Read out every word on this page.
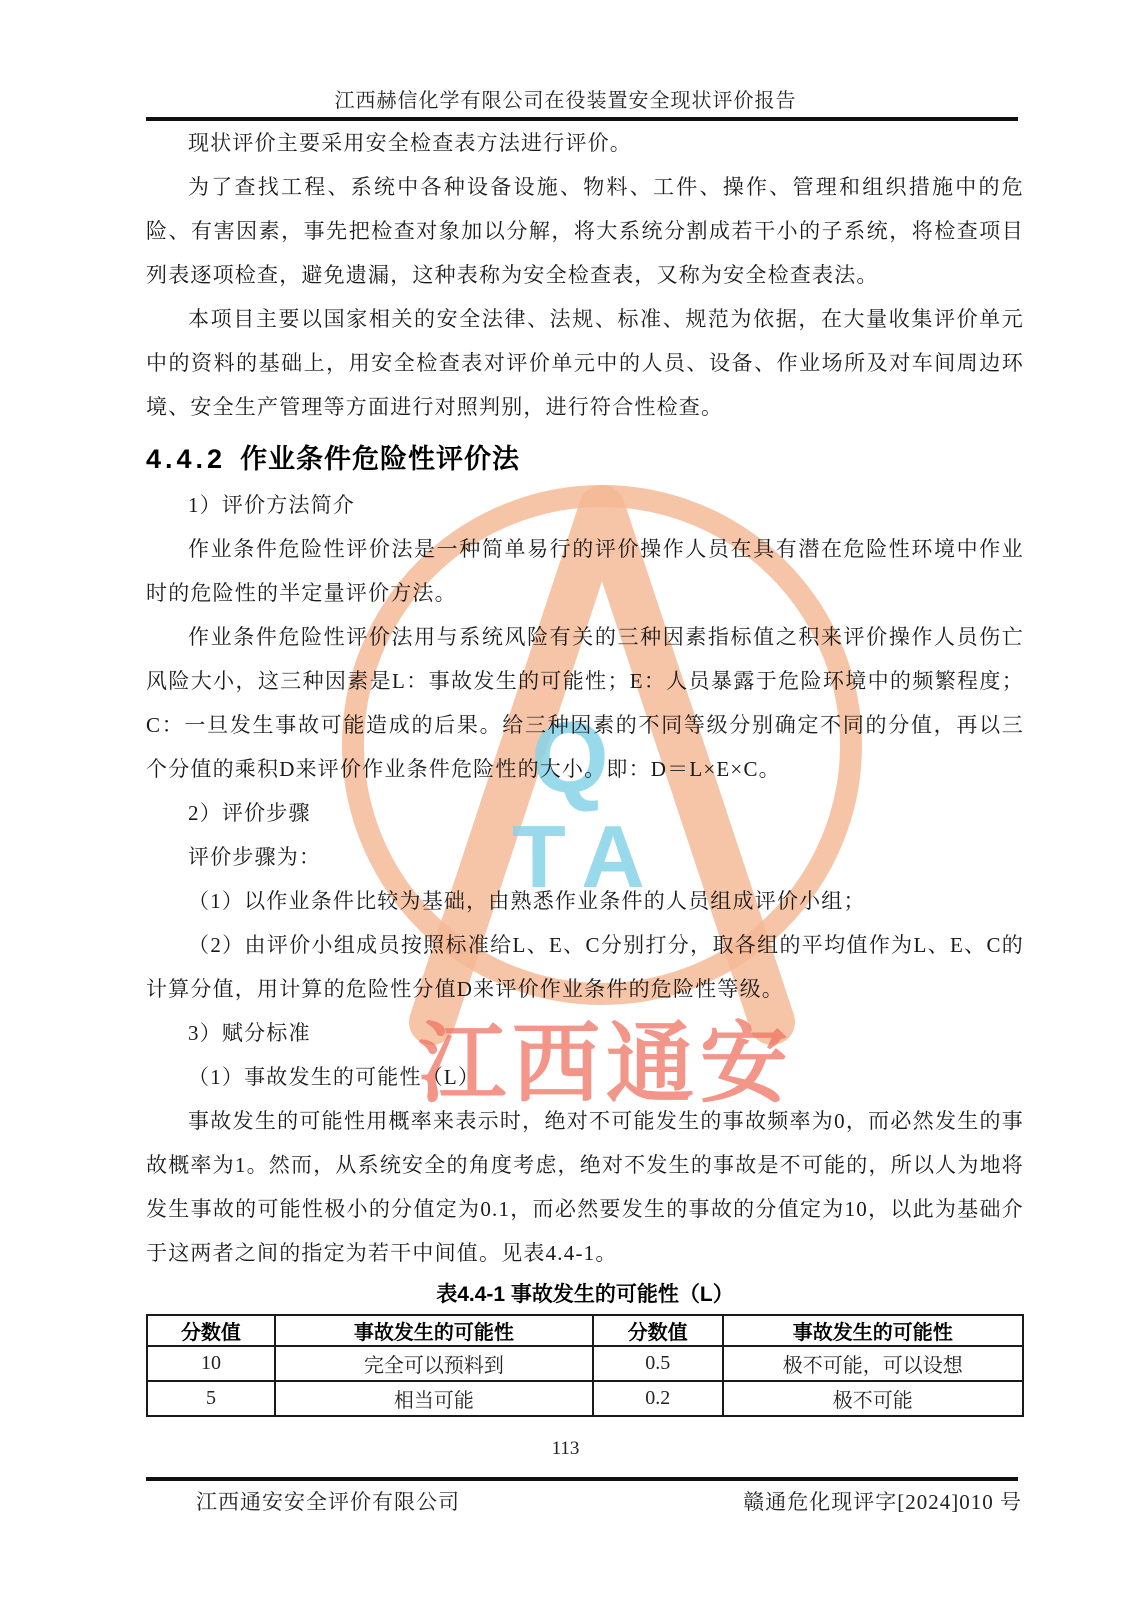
江西赫信化学有限公司在役装置安全现状评价报告
Q
TA
江西通安

现状评价主要采用安全检查表方法进行评价。

为了查找工程、系统中各种设备设施、物料、工件、操作、管理和组织措施中的危险、有害因素，事先把检查对象加以分解，将大系统分割成若干小的子系统，将检查项目列表逐项检查，避免遗漏，这种表称为安全检查表，又称为安全检查表法。

本项目主要以国家相关的安全法律、法规、标准、规范为依据，在大量收集评价单元中的资料的基础上，用安全检查表对评价单元中的人员、设备、作业场所及对车间周边环境、安全生产管理等方面进行对照判别，进行符合性检查。

4.4.2 作业条件危险性评价法

1）评价方法简介

作业条件危险性评价法是一种简单易行的评价操作人员在具有潜在危险性环境中作业时的危险性的半定量评价方法。

作业条件危险性评价法用与系统风险有关的三种因素指标值之积来评价操作人员伤亡风险大小，这三种因素是L：事故发生的可能性；E：人员暴露于危险环境中的频繁程度；C：一旦发生事故可能造成的后果。给三种因素的不同等级分别确定不同的分值，再以三个分值的乘积D来评价作业条件危险性的大小。即：D＝L×E×C。

2）评价步骤

评价步骤为：

（1）以作业条件比较为基础，由熟悉作业条件的人员组成评价小组；

（2）由评价小组成员按照标准给L、E、C分别打分，取各组的平均值作为L、E、C的计算分值，用计算的危险性分值D来评价作业条件的危险性等级。

3）赋分标准

（1）事故发生的可能性（L）

事故发生的可能性用概率来表示时，绝对不可能发生的事故频率为0，而必然发生的事故概率为1。然而，从系统安全的角度考虑，绝对不发生的事故是不可能的，所以人为地将发生事故的可能性极小的分值定为0.1，而必然要发生的事故的分值定为10，以此为基础介于这两者之间的指定为若干中间值。见表4.4-1。

表4.4-1 事故发生的可能性（L）
分数值	事故发生的可能性	分数值	事故发生的可能性
10	完全可以预料到	0.5	极不可能，可以设想
5	相当可能	0.2	极不可能
113
江西通安安全评价有限公司	赣通危化现评字[2024]010 号
